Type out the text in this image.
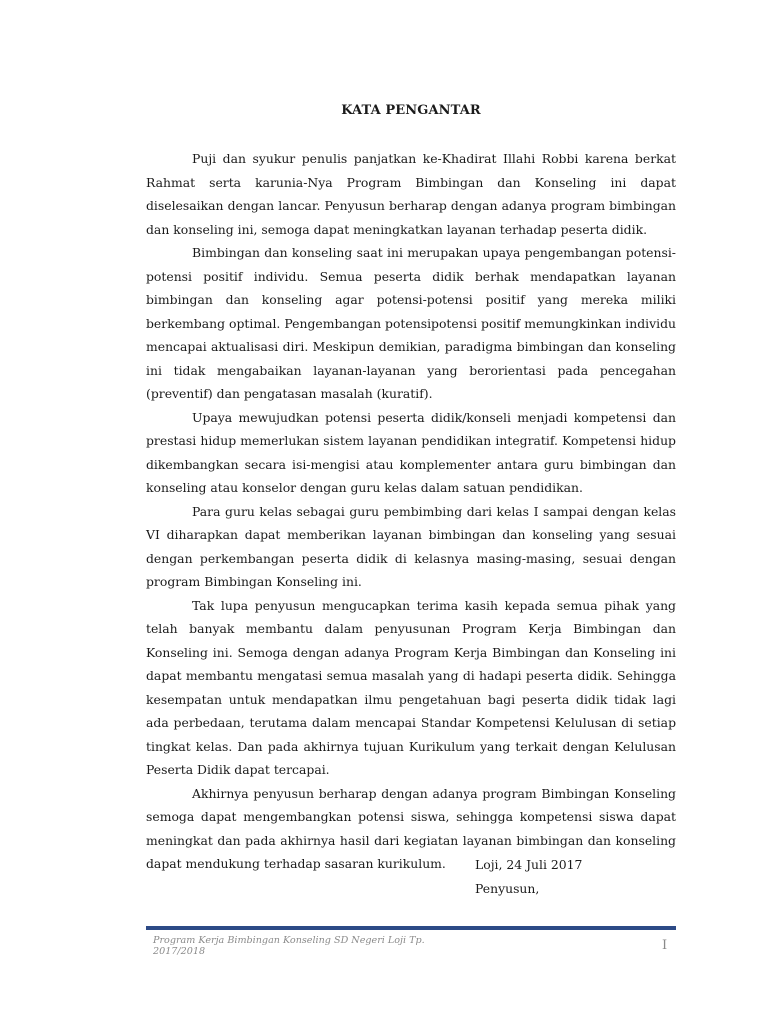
KATA PENGANTAR

Puji dan syukur penulis panjatkan ke-Khadirat Illahi Robbi karena berkat Rahmat serta karunia-Nya Program Bimbingan dan Konseling ini dapat diselesaikan dengan lancar. Penyusun berharap dengan adanya program bimbingan dan konseling ini, semoga dapat meningkatkan layanan terhadap peserta didik.

Bimbingan dan konseling saat ini merupakan upaya pengembangan potensi-potensi positif individu. Semua peserta didik berhak mendapatkan layanan bimbingan dan konseling agar potensi-potensi positif yang mereka miliki berkembang optimal. Pengembangan potensipotensi positif memungkinkan individu mencapai aktualisasi diri. Meskipun demikian, paradigma bimbingan dan konseling ini tidak mengabaikan layanan-layanan yang berorientasi pada pencegahan (preventif) dan pengatasan masalah (kuratif).

Upaya mewujudkan potensi peserta didik/konseli menjadi kompetensi dan prestasi hidup memerlukan sistem layanan pendidikan integratif. Kompetensi hidup dikembangkan secara isi-mengisi atau komplementer antara guru bimbingan dan konseling atau konselor dengan guru kelas dalam satuan pendidikan.

Para guru kelas sebagai guru pembimbing dari kelas I sampai dengan kelas VI diharapkan dapat memberikan layanan bimbingan dan konseling yang sesuai dengan perkembangan peserta didik di kelasnya masing-masing, sesuai dengan program Bimbingan Konseling ini.

Tak lupa penyusun mengucapkan terima kasih kepada semua pihak yang telah banyak membantu dalam penyusunan Program Kerja Bimbingan dan Konseling ini. Semoga dengan adanya Program Kerja Bimbingan dan Konseling ini dapat membantu mengatasi semua masalah yang di hadapi peserta didik. Sehingga kesempatan untuk mendapatkan ilmu pengetahuan bagi peserta didik tidak lagi ada perbedaan, terutama dalam mencapai Standar Kompetensi Kelulusan di setiap tingkat kelas. Dan pada akhirnya tujuan Kurikulum yang terkait dengan Kelulusan Peserta Didik dapat tercapai.

Akhirnya penyusun berharap dengan adanya program Bimbingan Konseling semoga dapat mengembangkan potensi siswa, sehingga kompetensi siswa dapat meningkat dan pada akhirnya hasil dari kegiatan layanan bimbingan dan konseling dapat mendukung terhadap sasaran kurikulum.	Loji, 24 Juli 2017
Penyusun,
Program Kerja Bimbingan Konseling SD Negeri Loji Tp. 2017/2018	I
